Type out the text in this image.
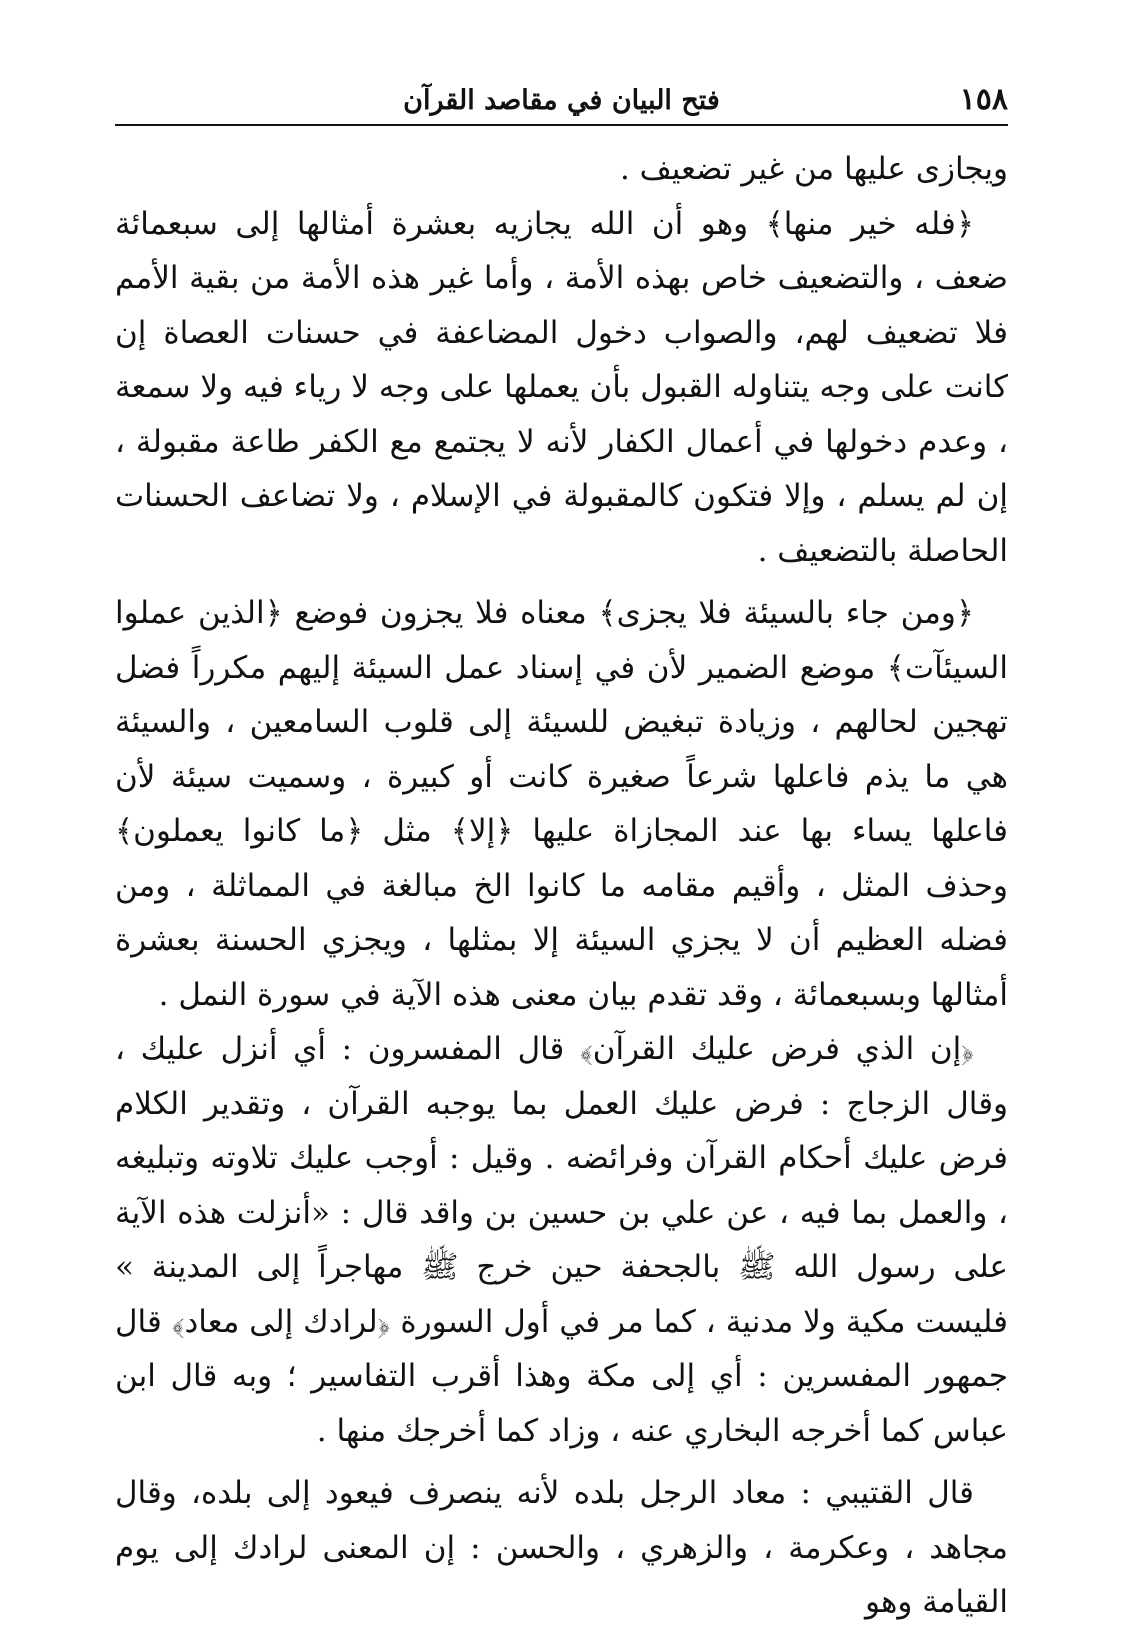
١٥٨
فتح البيان في مقاصد القرآن

ويجازى عليها من غير تضعيف .

﴿فله خير منها﴾ وهو أن الله يجازيه بعشرة أمثالها إلى سبعمائة ضعف ، والتضعيف خاص بهذه الأمة ، وأما غير هذه الأمة من بقية الأمم فلا تضعيف لهم، والصواب دخول المضاعفة في حسنات العصاة إن كانت على وجه يتناوله القبول بأن يعملها على وجه لا رياء فيه ولا سمعة ، وعدم دخولها في أعمال الكفار لأنه لا يجتمع مع الكفر طاعة مقبولة ، إن لم يسلم ، وإلا فتكون كالمقبولة في الإسلام ، ولا تضاعف الحسنات الحاصلة بالتضعيف .

﴿ومن جاء بالسيئة فلا يجزى﴾ معناه فلا يجزون فوضع ﴿الذين عملوا السيئآت﴾ موضع الضمير لأن في إسناد عمل السيئة إليهم مكرراً فضل تهجين لحالهم ، وزيادة تبغيض للسيئة إلى قلوب السامعين ، والسيئة هي ما يذم فاعلها شرعاً صغيرة كانت أو كبيرة ، وسميت سيئة لأن فاعلها يساء بها عند المجازاة عليها ﴿إلا﴾ مثل ﴿ما كانوا يعملون﴾ وحذف المثل ، وأقيم مقامه ما كانوا الخ مبالغة في المماثلة ، ومن فضله العظيم أن لا يجزي السيئة إلا بمثلها ، ويجزي الحسنة بعشرة أمثالها وبسبعمائة ، وقد تقدم بيان معنى هذه الآية في سورة النمل .

﴿إن الذي فرض عليك القرآن﴾ قال المفسرون : أي أنزل عليك ، وقال الزجاج : فرض عليك العمل بما يوجبه القرآن ، وتقدير الكلام فرض عليك أحكام القرآن وفرائضه . وقيل : أوجب عليك تلاوته وتبليغه ، والعمل بما فيه ، عن علي بن حسين بن واقد قال : «أنزلت هذه الآية على رسول الله ﷺ بالجحفة حين خرج ﷺ مهاجراً إلى المدينة » فليست مكية ولا مدنية ، كما مر في أول السورة ﴿لرادك إلى معاد﴾ قال جمهور المفسرين : أي إلى مكة وهذا أقرب التفاسير ؛ وبه قال ابن عباس كما أخرجه البخاري عنه ، وزاد كما أخرجك منها .

قال القتيبي : معاد الرجل بلده لأنه ينصرف فيعود إلى بلده، وقال مجاهد ، وعكرمة ، والزهري ، والحسن : إن المعنى لرادك إلى يوم القيامة وهو
